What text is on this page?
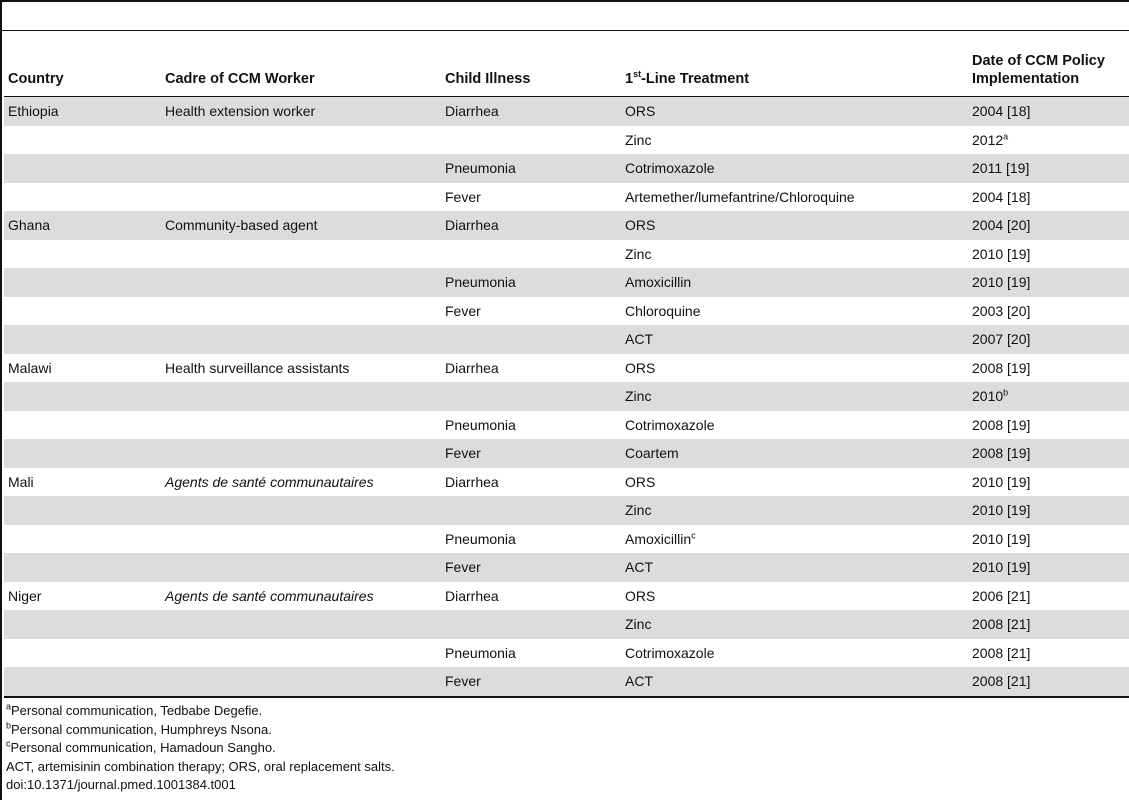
Country	Cadre of CCM Worker	Child Illness	1st-Line Treatment	Date of CCM Policy
Implementation
Ethiopia	Health extension worker	Diarrhea	ORS	2004 [18]
			Zinc	2012$^a$
		Pneumonia	Cotrimoxazole	2011 [19]
		Fever	Artemether/lumefantrine/Chloroquine	2004 [18]
Ghana	Community-based agent	Diarrhea	ORS	2004 [20]
			Zinc	2010 [19]
		Pneumonia	Amoxicillin	2010 [19]
		Fever	Chloroquine	2003 [20]
			ACT	2007 [20]
Malawi	Health surveillance assistants	Diarrhea	ORS	2008 [19]
			Zinc	2010$^b$
		Pneumonia	Cotrimoxazole	2008 [19]
		Fever	Coartem	2008 [19]
Mali	Agents de santé communautaires	Diarrhea	ORS	2010 [19]
			Zinc	2010 [19]
		Pneumonia	Amoxicillin$^c$	2010 [19]
		Fever	ACT	2010 [19]
Niger	Agents de santé communautaires	Diarrhea	ORS	2006 [21]
			Zinc	2008 [21]
		Pneumonia	Cotrimoxazole	2008 [21]
		Fever	ACT	2008 [21]
$^a$Personal communication, Tedbabe Degefie.
$^b$Personal communication, Humphreys Nsona.
$^c$Personal communication, Hamadoun Sangho.
ACT, artemisinin combination therapy; ORS, oral replacement salts.
doi:10.1371/journal.pmed.1001384.t001
